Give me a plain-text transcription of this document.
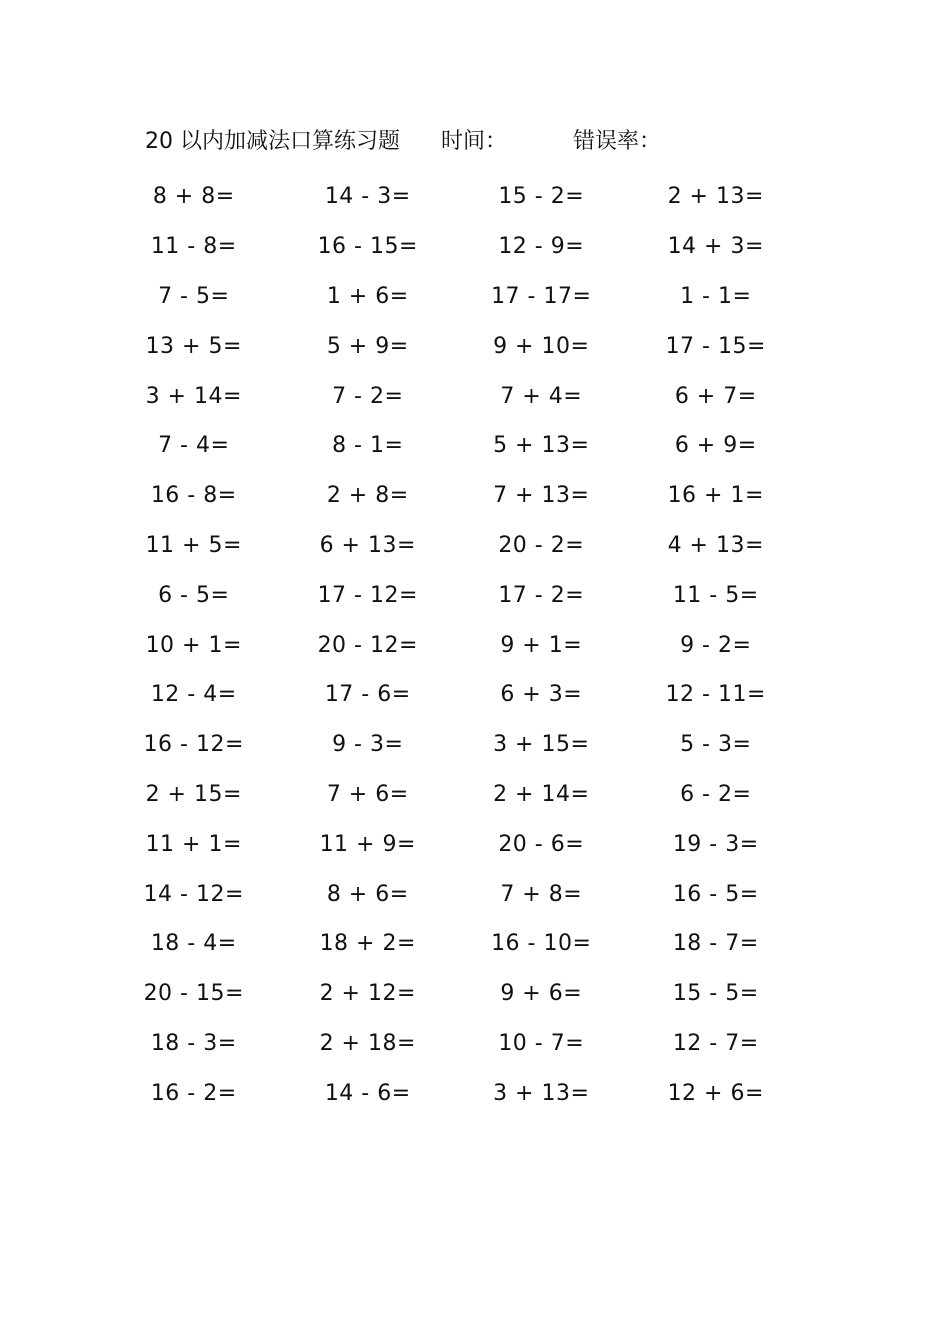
20 以内加减法口算练习题 时间：	错误率：
8 + 8=	14 - 3=	15 - 2=	2 + 13=
11 - 8=	16 - 15=	12 - 9=	14 + 3=
7 - 5=	1 + 6=	17 - 17=	1 - 1=
13 + 5=	5 + 9=	9 + 10=	17 - 15=
3 + 14=	7 - 2=	7 + 4=	6 + 7=
7 - 4=	8 - 1=	5 + 13=	6 + 9=
16 - 8=	2 + 8=	7 + 13=	16 + 1=
11 + 5=	6 + 13=	20 - 2=	4 + 13=
6 - 5=	17 - 12=	17 - 2=	11 - 5=
10 + 1=	20 - 12=	9 + 1=	9 - 2=
12 - 4=	17 - 6=	6 + 3=	12 - 11=
16 - 12=	9 - 3=	3 + 15=	5 - 3=
2 + 15=	7 + 6=	2 + 14=	6 - 2=
11 + 1=	11 + 9=	20 - 6=	19 - 3=
14 - 12=	8 + 6=	7 + 8=	16 - 5=
18 - 4=	18 + 2=	16 - 10=	18 - 7=
20 - 15=	2 + 12=	9 + 6=	15 - 5=
18 - 3=	2 + 18=	10 - 7=	12 - 7=
16 - 2=	14 - 6=	3 + 13=	12 + 6=
